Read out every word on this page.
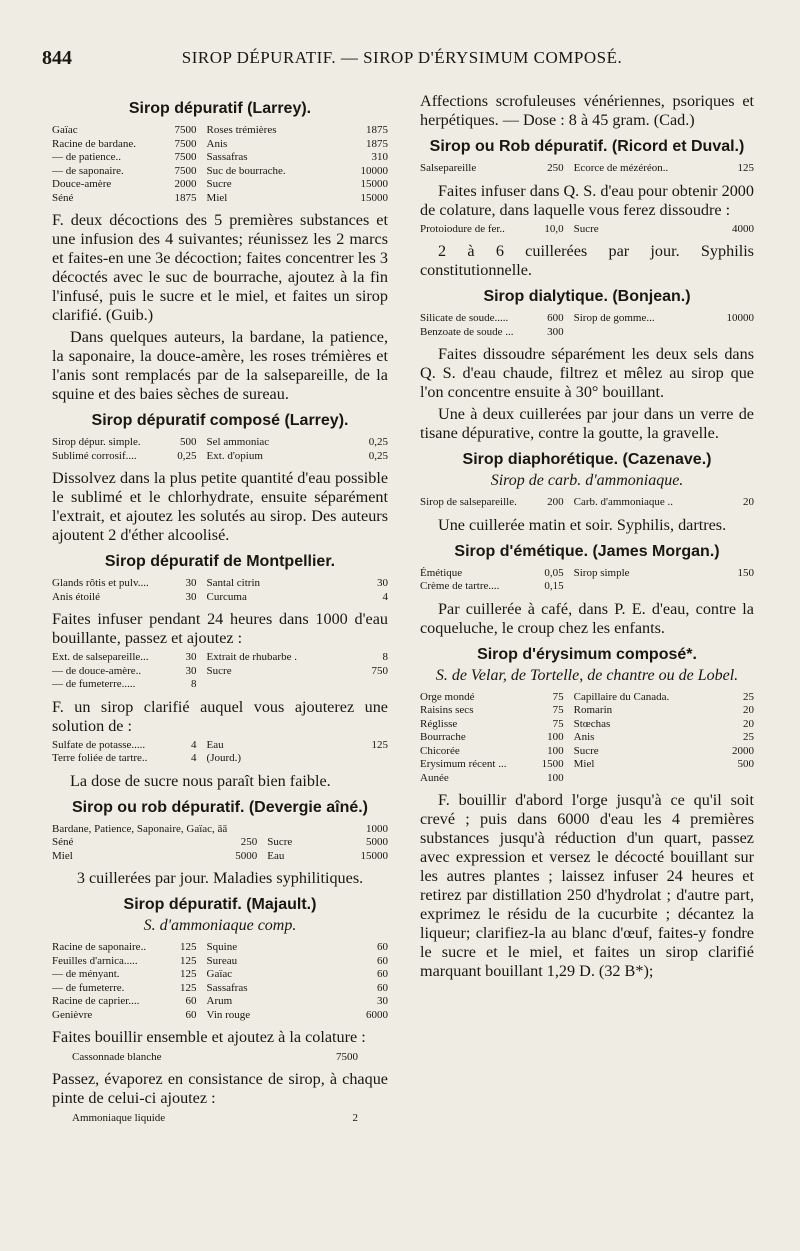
844	SIROP DÉPURATIF. — SIROP D'ÉRYSIMUM COMPOSÉ.
Sirop dépuratif (Larrey).
Gaïac	7500	Roses trémières	1875
Racine de bardane.	7500	Anis	1875
— de patience..	7500	Sassafras	310
— de saponaire.	7500	Suc de bourrache.	10000
Douce-amère	2000	Sucre	15000
Séné	1875	Miel	15000

F. deux décoctions des 5 premières substances et une infusion des 4 suivantes; réunissez les 2 marcs et faites-en une 3e décoction; faites concentrer les 3 décoctés avec le suc de bourrache, ajoutez à la fin l'infusé, puis le sucre et le miel, et faites un sirop clarifié. (Guib.)

Dans quelques auteurs, la bardane, la patience, la saponaire, la douce-amère, les roses trémières et l'anis sont remplacés par de la salsepareille, de la squine et des baies sèches de sureau.

Sirop dépuratif composé (Larrey).
Sirop dépur. simple.	500	Sel ammoniac	0,25
Sublimé corrosif....	0,25	Ext. d'opium	0,25

Dissolvez dans la plus petite quantité d'eau possible le sublimé et le chlorhydrate, ensuite séparément l'extrait, et ajoutez les solutés au sirop. Des auteurs ajoutent 2 d'éther alcoolisé.

Sirop dépuratif de Montpellier.
Glands rôtis et pulv....	30	Santal citrin	30
Anis étoilé	30	Curcuma	4

Faites infuser pendant 24 heures dans 1000 d'eau bouillante, passez et ajoutez :

Ext. de salsepareille...	30	Extrait de rhubarbe .	8
— de douce-amère..	30	Sucre	750
— de fumeterre.....	8		

F. un sirop clarifié auquel vous ajouterez une solution de :

Sulfate de potasse.....	4	Eau	125
Terre foliée de tartre..	4	(Jourd.)	

La dose de sucre nous paraît bien faible.

Sirop ou rob dépuratif. (Devergie aîné.)
Bardane, Patience, Saponaire, Gaïac, āā			1000
Séné	250	Sucre	5000
Miel	5000	Eau	15000

3 cuillerées par jour. Maladies syphilitiques.

Sirop dépuratif. (Majault.)
S. d'ammoniaque comp.
Racine de saponaire..	125	Squine	60
Feuilles d'arnica.....	125	Sureau	60
— de ményant.	125	Gaïac	60
— de fumeterre.	125	Sassafras	60
Racine de caprier....	60	Arum	30
Genièvre	60	Vin rouge	6000

Faites bouillir ensemble et ajoutez à la colature :

Cassonnade blanche	7500

Passez, évaporez en consistance de sirop, à chaque pinte de celui-ci ajoutez :

Ammoniaque liquide	2

Affections scrofuleuses vénériennes, psoriques et herpétiques. — Dose : 8 à 45 gram. (Cad.)

Sirop ou Rob dépuratif. (Ricord et Duval.)
Salsepareille	250	Ecorce de mézéréon..	125

Faites infuser dans Q. S. d'eau pour obtenir 2000 de colature, dans laquelle vous ferez dissoudre :

Protoiodure de fer..	10,0	Sucre	4000

2 à 6 cuillerées par jour. Syphilis constitutionnelle.

Sirop dialytique. (Bonjean.)
Silicate de soude.....	600	Sirop de gomme...	10000
Benzoate de soude ...	300		

Faites dissoudre séparément les deux sels dans Q. S. d'eau chaude, filtrez et mêlez au sirop que l'on concentre ensuite à 30° bouillant.

Une à deux cuillerées par jour dans un verre de tisane dépurative, contre la goutte, la gravelle.

Sirop diaphorétique. (Cazenave.)
Sirop de carb. d'ammoniaque.
Sirop de salsepareille.	200	Carb. d'ammoniaque ..	20

Une cuillerée matin et soir. Syphilis, dartres.

Sirop d'émétique. (James Morgan.)
Émétique	0,05	Sirop simple	150
Crème de tartre....	0,15		

Par cuillerée à café, dans P. E. d'eau, contre la coqueluche, le croup chez les enfants.

Sirop d'érysimum composé*.
S. de Velar, de Tortelle, de chantre ou de Lobel.
Orge mondé	75	Capillaire du Canada.	25
Raisins secs	75	Romarin	20
Réglisse	75	Stœchas	20
Bourrache	100	Anis	25
Chicorée	100	Sucre	2000
Erysimum récent ...	1500	Miel	500
Aunée	100		

F. bouillir d'abord l'orge jusqu'à ce qu'il soit crevé ; puis dans 6000 d'eau les 4 premières substances jusqu'à réduction d'un quart, passez avec expression et versez le décocté bouillant sur les autres plantes ; laissez infuser 24 heures et retirez par distillation 250 d'hydrolat ; d'autre part, exprimez le résidu de la cucurbite ; décantez la liqueur; clarifiez-la au blanc d'œuf, faites-y fondre le sucre et le miel, et faites un sirop clarifié marquant bouillant 1,29 D. (32 B*);
